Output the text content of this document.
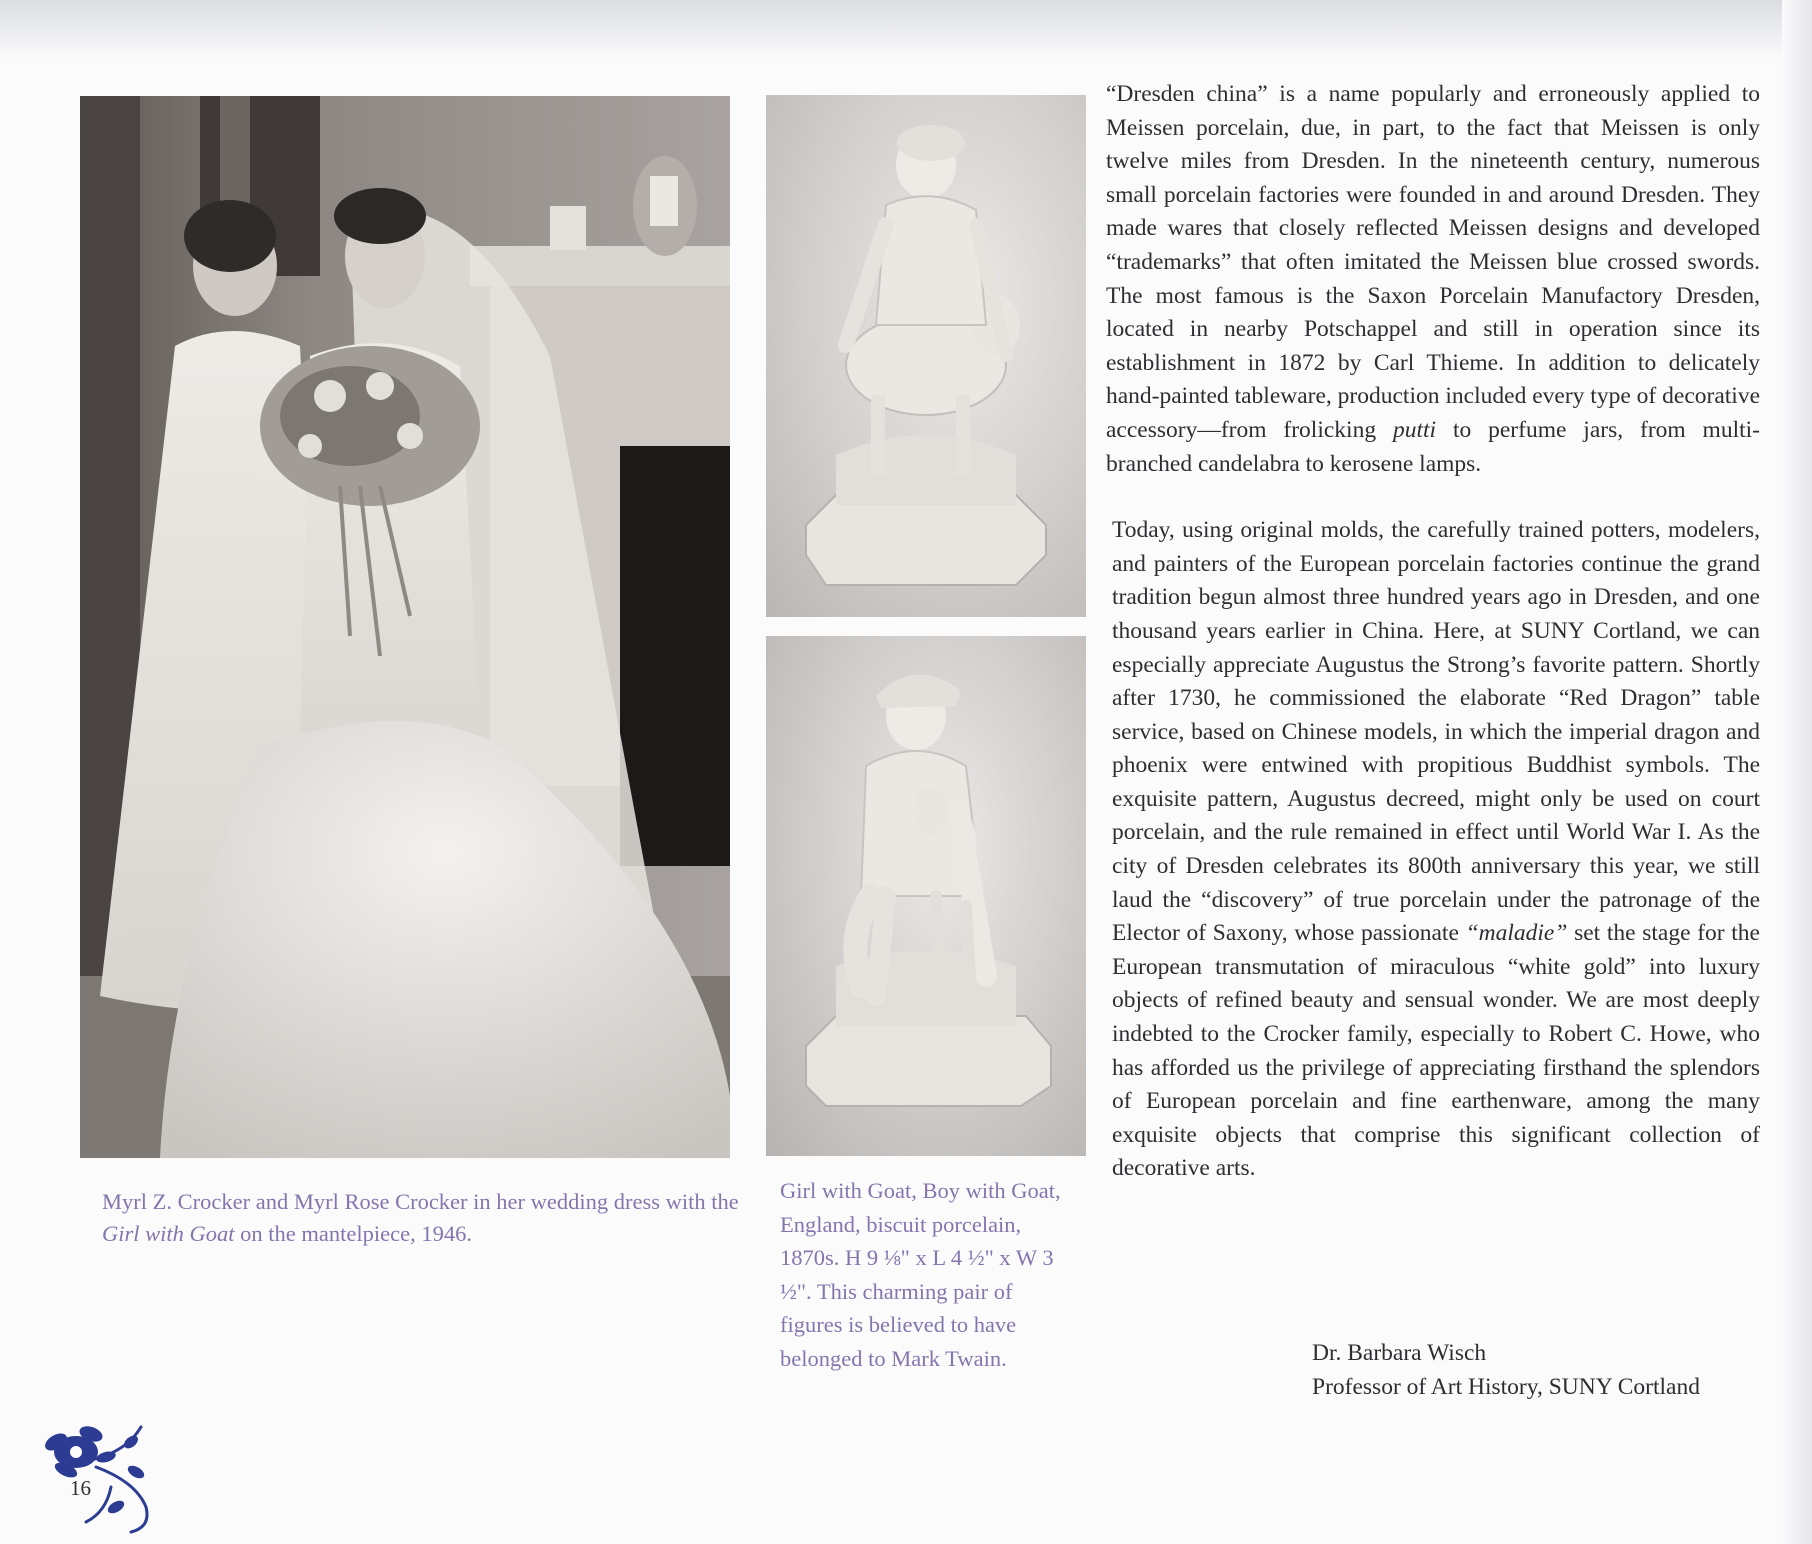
Myrl Z. Crocker and Myrl Rose Crocker in her wedding dress with the Girl with Goat on the mantelpiece, 1946.

Girl with Goat, Boy with Goat, England, biscuit porcelain, 1870s. H 9 ⅛" x L 4 ½" x W 3 ½". This charming pair of figures is believed to have belonged to Mark Twain.

“Dresden china” is a name popularly and erroneously applied to Meissen porcelain, due, in part, to the fact that Meissen is only twelve miles from Dresden. In the nineteenth century, numerous small porcelain factories were founded in and around Dresden. They made wares that closely reflected Meissen designs and developed “trademarks” that often imitated the Meissen blue crossed swords. The most famous is the Saxon Porcelain Manufactory Dresden, located in nearby Potschappel and still in operation since its establishment in 1872 by Carl Thieme. In addition to delicately hand-painted tableware, production included every type of decorative accessory—from frolicking putti to perfume jars, from multi-branched candelabra to kerosene lamps.

Today, using original molds, the carefully trained potters, modelers, and painters of the European porcelain factories continue the grand tradition begun almost three hundred years ago in Dresden, and one thousand years earlier in China. Here, at SUNY Cortland, we can especially appreciate Augustus the Strong’s favorite pattern. Shortly after 1730, he commissioned the elaborate “Red Dragon” table service, based on Chinese models, in which the imperial dragon and phoenix were entwined with propitious Buddhist symbols. The exquisite pattern, Augustus decreed, might only be used on court porcelain, and the rule remained in effect until World War I. As the city of Dresden celebrates its 800th anniversary this year, we still laud the “discovery” of true porcelain under the patronage of the Elector of Saxony, whose passionate “maladie” set the stage for the European transmutation of miraculous “white gold” into luxury objects of refined beauty and sensual wonder. We are most deeply indebted to the Crocker family, especially to Robert C. Howe, who has afforded us the privilege of appreciating firsthand the splendors of European porcelain and fine earthenware, among the many exquisite objects that comprise this significant collection of decorative arts.

Dr. Barbara Wisch
Professor of Art History, SUNY Cortland
16
